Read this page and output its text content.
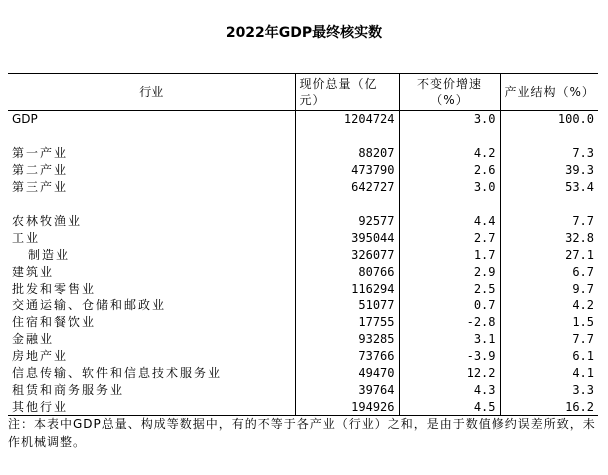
2022年GDP最终核实数
行业	现价总量（亿元）	不变价增速（%）	产业结构（%）
GDP	1204724	3.0	100.0

第一产业	88207	4.2	7.3
第二产业	473790	2.6	39.3
第三产业	642727	3.0	53.4

农林牧渔业	92577	4.4	7.7
工业	395044	2.7	32.8
制造业	326077	1.7	27.1
建筑业	80766	2.9	6.7
批发和零售业	116294	2.5	9.7
交通运输、仓储和邮政业	51077	0.7	4.2
住宿和餐饮业	17755	-2.8	1.5
金融业	93285	3.1	7.7
房地产业	73766	-3.9	6.1
信息传输、软件和信息技术服务业	49470	12.2	4.1
租赁和商务服务业	39764	4.3	3.3
其他行业	194926	4.5	16.2
注：本表中GDP总量、构成等数据中，有的不等于各产业（行业）之和，是由于数值修约误差所致，未作机械调整。
